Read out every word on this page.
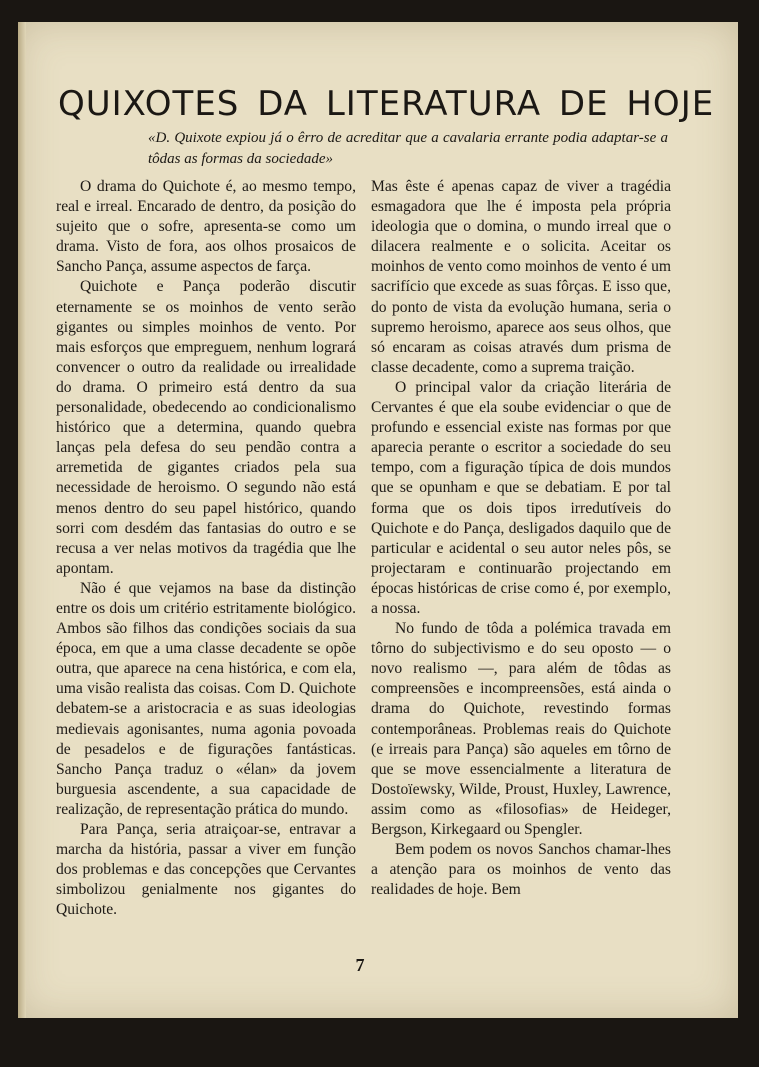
QUIXOTES DA LITERATURA DE HOJE
«D. Quixote expiou já o êrro de acreditar que a cavalaria errante podia adaptar-se a tôdas as formas da sociedade»

O drama do Quichote é, ao mesmo tempo, real e irreal. Encarado de dentro, da posição do sujeito que o sofre, apresenta-se como um drama. Visto de fora, aos olhos prosaicos de Sancho Pança, assume aspectos de farça.

Quichote e Pança poderão discutir eternamente se os moinhos de vento serão gigantes ou simples moinhos de vento. Por mais esforços que empreguem, nenhum logrará convencer o outro da realidade ou irrealidade do drama. O primeiro está dentro da sua personalidade, obedecendo ao condicionalismo histórico que a determina, quando quebra lanças pela defesa do seu pendão contra a arremetida de gigantes criados pela sua necessidade de heroismo. O segundo não está menos dentro do seu papel histórico, quando sorri com desdém das fantasias do outro e se recusa a ver nelas motivos da tragédia que lhe apontam.

Não é que vejamos na base da distinção entre os dois um critério estritamente biológico. Ambos são filhos das condições sociais da sua época, em que a uma classe decadente se opõe outra, que aparece na cena histórica, e com ela, uma visão realista das coisas. Com D. Quichote debatem-se a aristocracia e as suas ideologias medievais agonisantes, numa agonia povoada de pesadelos e de figurações fantásticas. Sancho Pança traduz o «élan» da jovem burguesia ascendente, a sua capacidade de realização, de representação prática do mundo.

Para Pança, seria atraiçoar-se, entravar a marcha da história, passar a viver em função dos problemas e das concepções que Cervantes simbolizou genialmente nos gigantes do Quichote.

Mas êste é apenas capaz de viver a tragédia esmagadora que lhe é imposta pela própria ideologia que o domina, o mundo irreal que o dilacera realmente e o solicita. Aceitar os moinhos de vento como moinhos de vento é um sacrifício que excede as suas fôrças. E isso que, do ponto de vista da evolução humana, seria o supremo heroismo, aparece aos seus olhos, que só encaram as coisas através dum prisma de classe decadente, como a suprema traição.

O principal valor da criação literária de Cervantes é que ela soube evidenciar o que de profundo e essencial existe nas formas por que aparecia perante o escritor a sociedade do seu tempo, com a figuração típica de dois mundos que se opunham e que se debatiam. E por tal forma que os dois tipos irredutíveis do Quichote e do Pança, desligados daquilo que de particular e acidental o seu autor neles pôs, se projectaram e continuarão projectando em épocas históricas de crise como é, por exemplo, a nossa.

No fundo de tôda a polémica travada em tôrno do subjectivismo e do seu oposto — o novo realismo —, para além de tôdas as compreensões e incompreensões, está ainda o drama do Quichote, revestindo formas contemporâneas. Problemas reais do Quichote (e irreais para Pança) são aqueles em tôrno de que se move essencialmente a literatura de Dostoïewsky, Wilde, Proust, Huxley, Lawrence, assim como as «filosofias» de Heideger, Bergson, Kirkegaard ou Spengler.

Bem podem os novos Sanchos chamar-lhes a atenção para os moinhos de vento das realidades de hoje. Bem

7
